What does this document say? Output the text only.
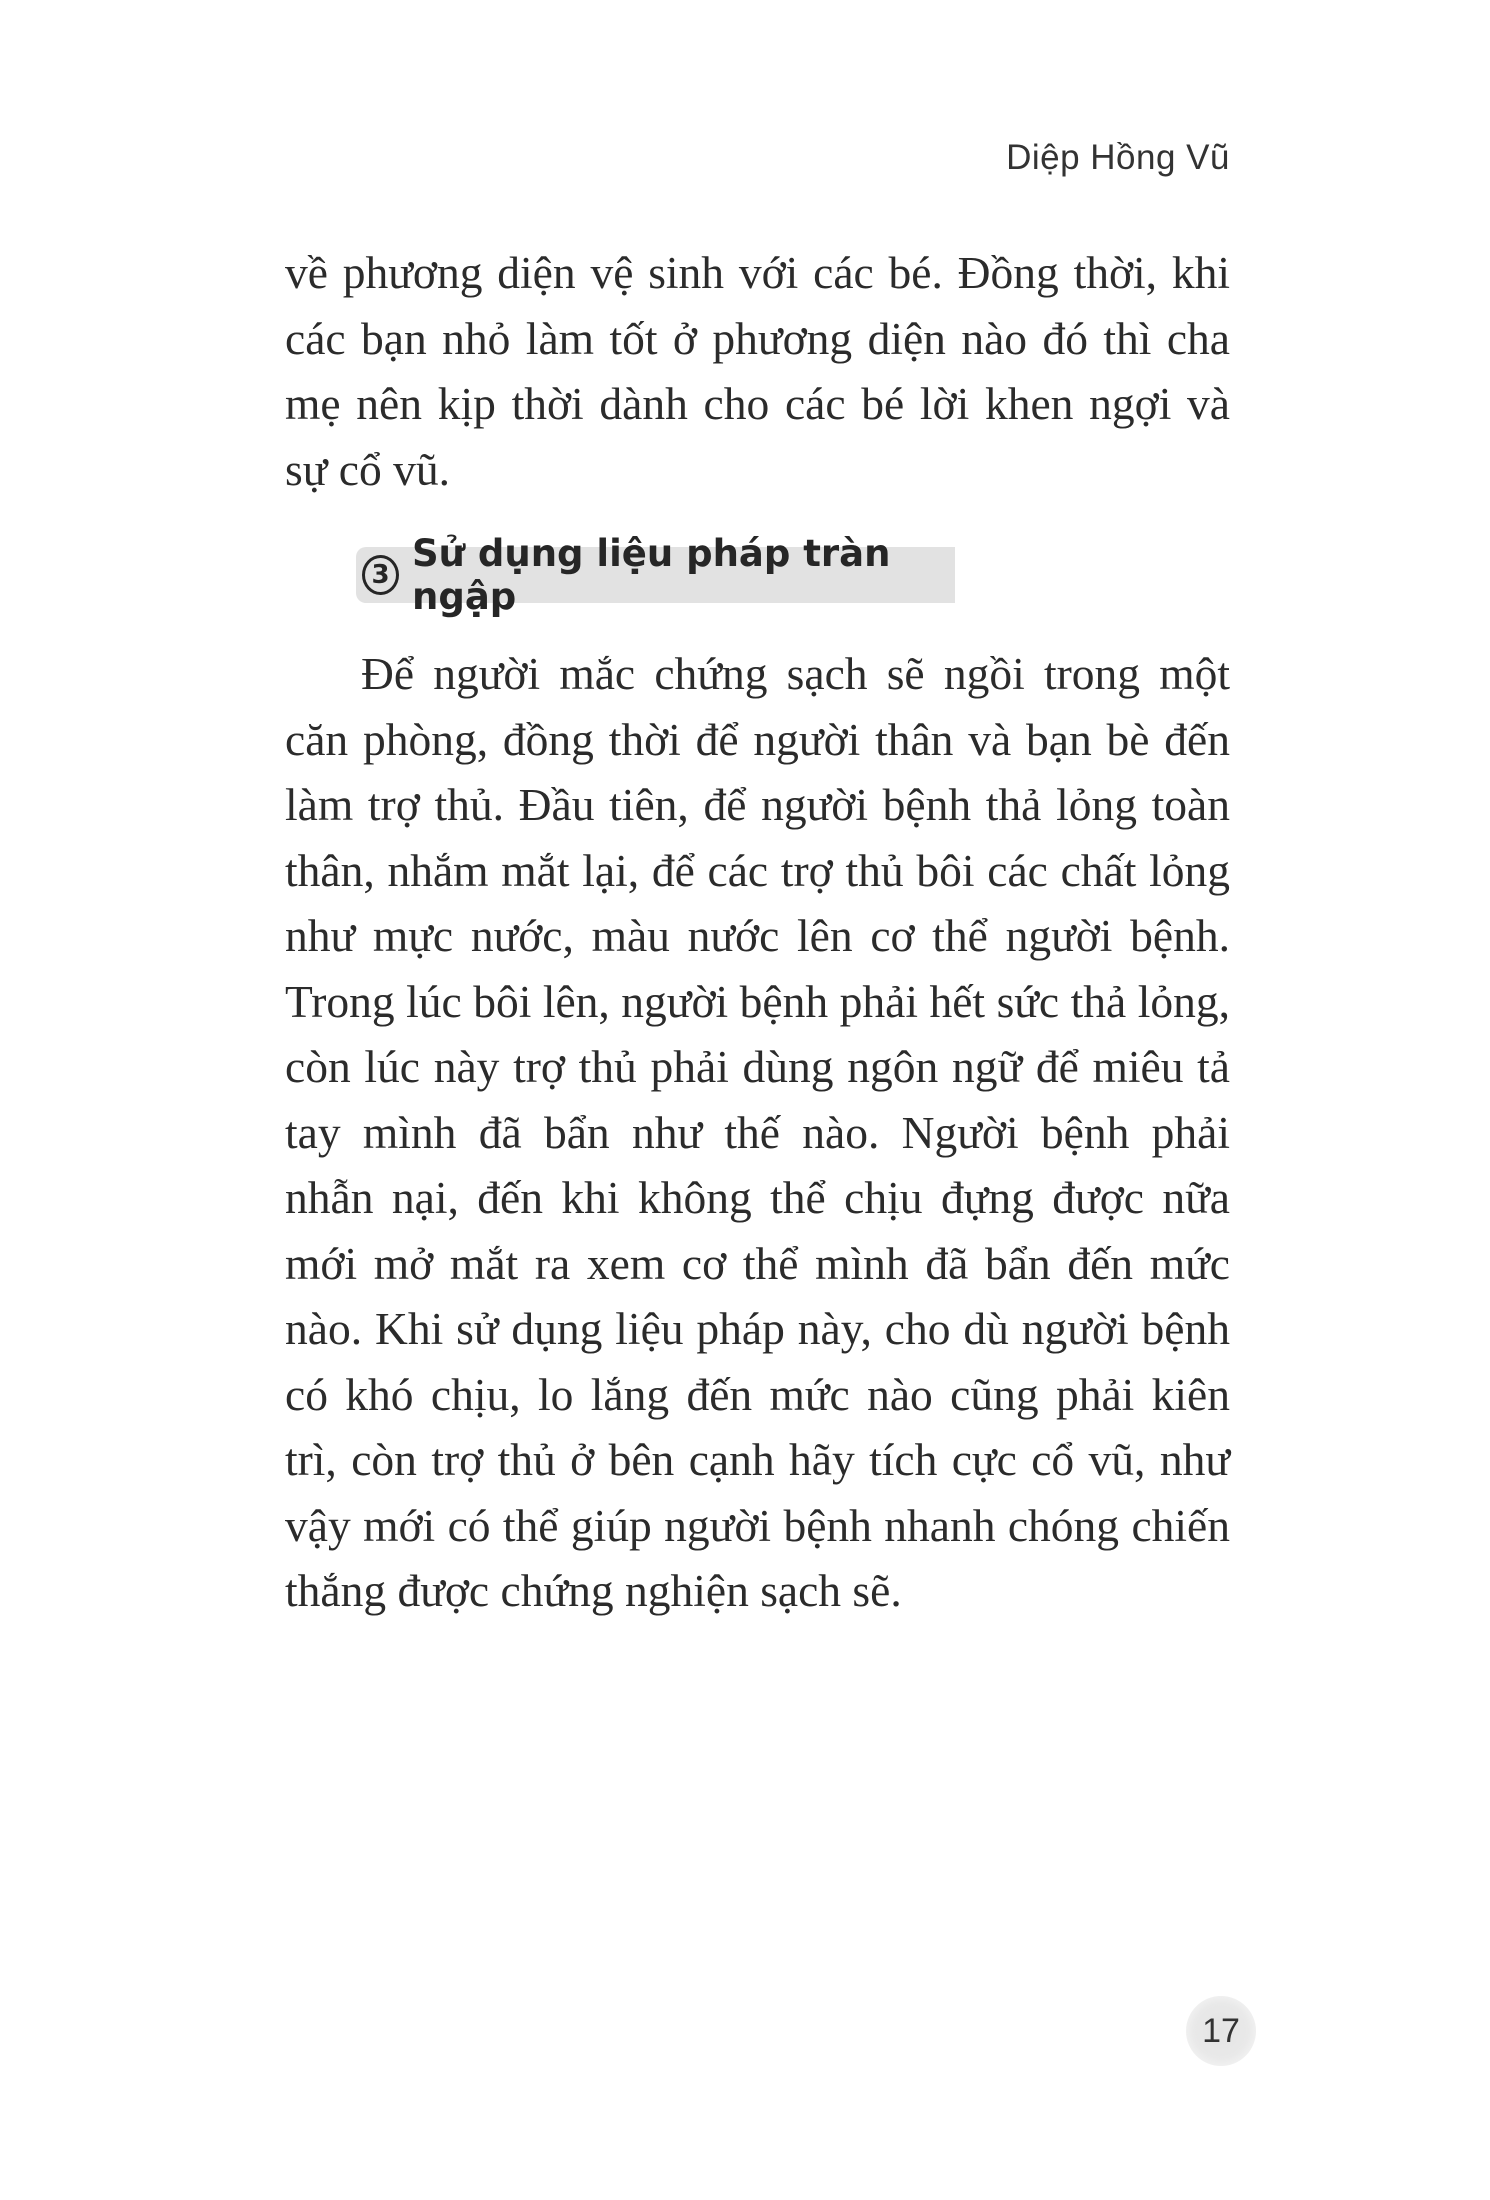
Diệp Hồng Vũ

về phương diện vệ sinh với các bé. Đồng thời, khi các bạn nhỏ làm tốt ở phương diện nào đó thì cha mẹ nên kịp thời dành cho các bé lời khen ngợi và sự cổ vũ.

3 Sử dụng liệu pháp tràn ngập

Để người mắc chứng sạch sẽ ngồi trong một căn phòng, đồng thời để người thân và bạn bè đến làm trợ thủ. Đầu tiên, để người bệnh thả lỏng toàn thân, nhắm mắt lại, để các trợ thủ bôi các chất lỏng như mực nước, màu nước lên cơ thể người bệnh. Trong lúc bôi lên, người bệnh phải hết sức thả lỏng, còn lúc này trợ thủ phải dùng ngôn ngữ để miêu tả tay mình đã bẩn như thế nào. Người bệnh phải nhẫn nại, đến khi không thể chịu đựng được nữa mới mở mắt ra xem cơ thể mình đã bẩn đến mức nào. Khi sử dụng liệu pháp này, cho dù người bệnh có khó chịu, lo lắng đến mức nào cũng phải kiên trì, còn trợ thủ ở bên cạnh hãy tích cực cổ vũ, như vậy mới có thể giúp người bệnh nhanh chóng chiến thắng được chứng nghiện sạch sẽ.

17
